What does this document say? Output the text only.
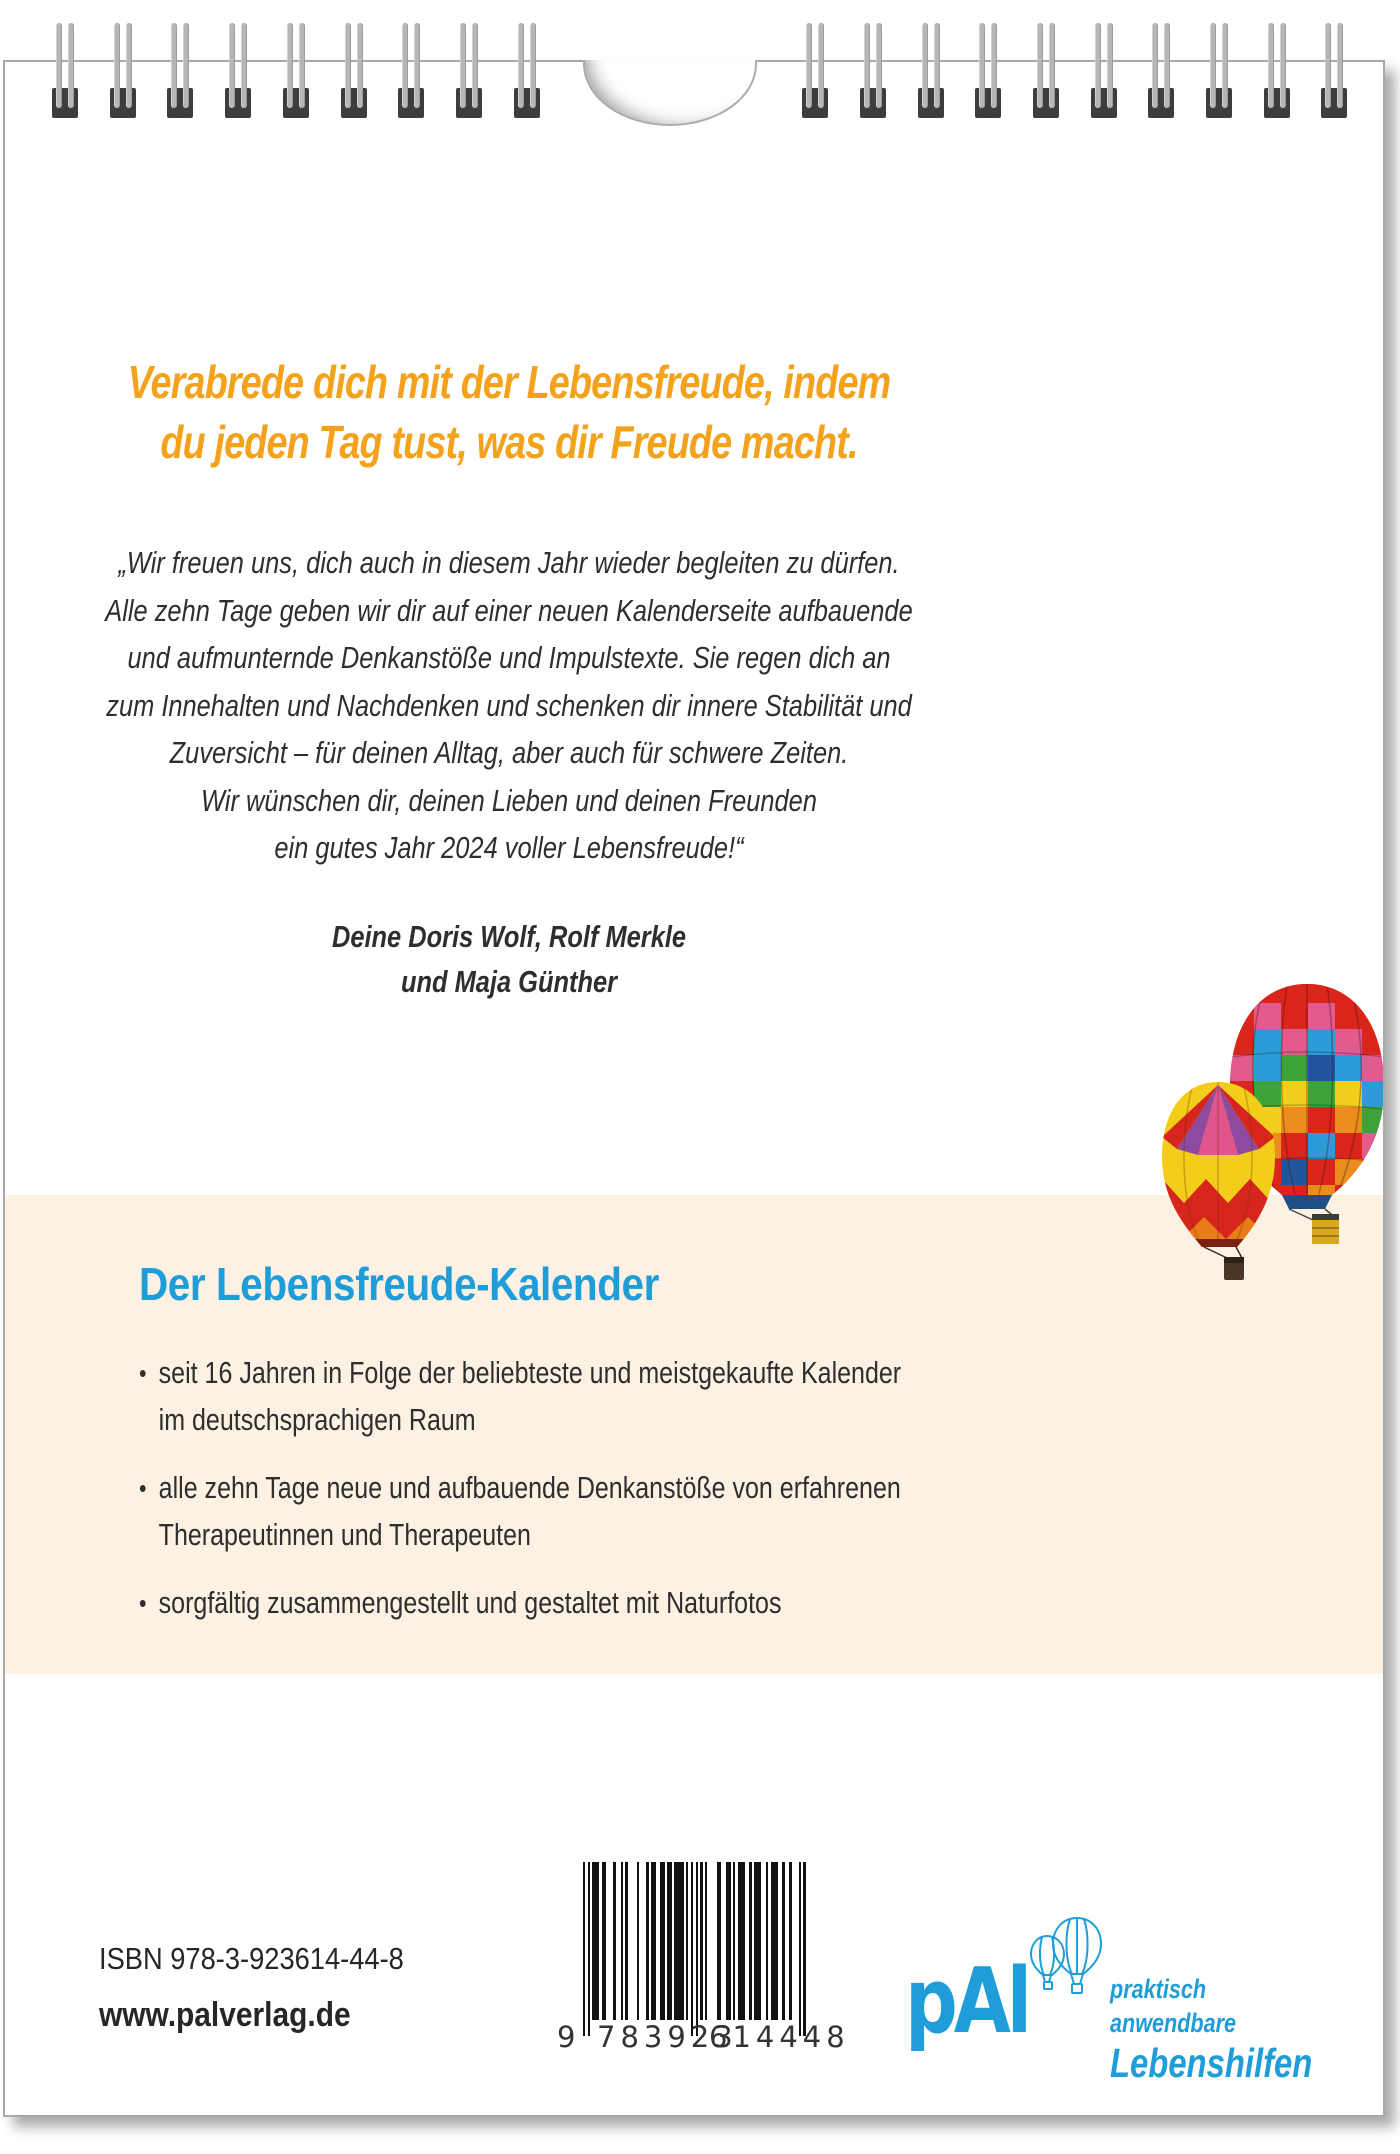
Verabrede dich mit der Lebensfreude, indem
du jeden Tag tust, was dir Freude macht.
„Wir freuen uns, dich auch in diesem Jahr wieder begleiten zu dürfen.
Alle zehn Tage geben wir dir auf einer neuen Kalenderseite aufbauende
und aufmunternde Denkanstöße und Impulstexte. Sie regen dich an
zum Innehalten und Nachdenken und schenken dir innere Stabilität und
Zuversicht – für deinen Alltag, aber auch für schwere Zeiten.
Wir wünschen dir, deinen Lieben und deinen Freunden
ein gutes Jahr 2024 voller Lebensfreude!“
Deine Doris Wolf, Rolf Merkle
und Maja Günther
Der Lebensfreude-Kalender
• seit 16 Jahren in Folge der beliebteste und meistgekaufte Kalender
im deutschsprachigen Raum
• alle zehn Tage neue und aufbauende Denkanstöße von erfahrenen
Therapeutinnen und Therapeuten
• sorgfältig zusammengestellt und gestaltet mit Naturfotos
ISBN 978-3-923614-44-8
www.palverlag.de
9 783923
614448 pAl	praktisch anwendbare
Lebenshilfen
